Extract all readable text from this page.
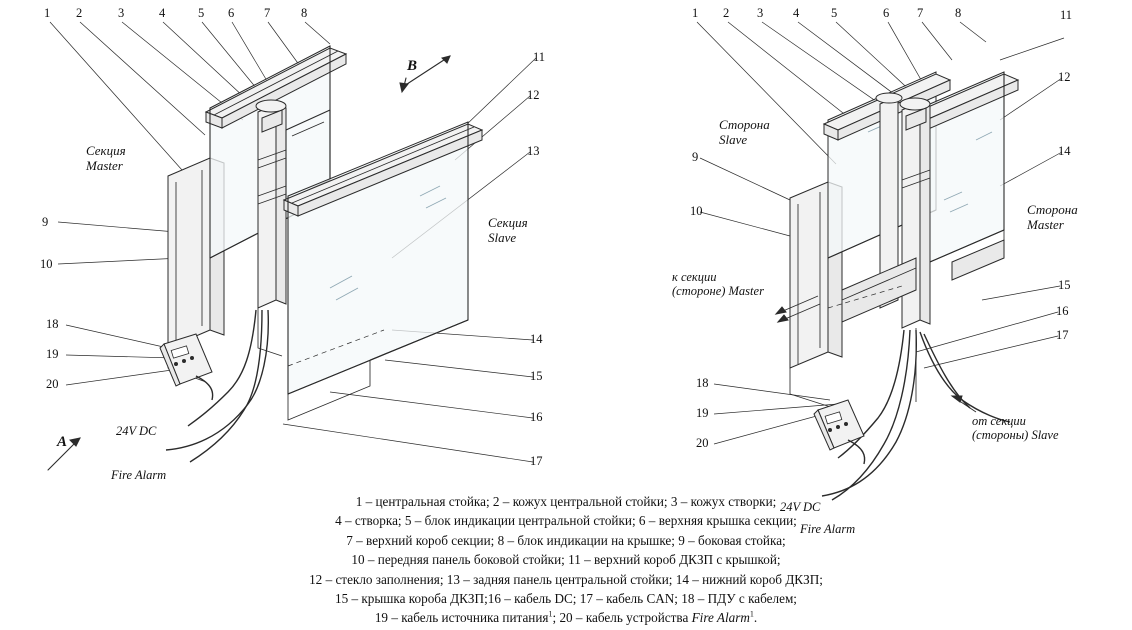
1 2	3	4	5 6 7 8
9
10
18
19
20
11
12
13
14
15
16
17
Секция
Master
Секция
Slave
B
A
24V DC
Fire Alarm
1 2 3 4	5	6 7	8	11
12
14
15
16
17
9
10
18
19
20
Сторона
Slave
Сторона
Master
к секции
(стороне) Master
от секции
(стороны) Slave
24V DC
Fire Alarm
1 – центральная стойка; 2 – кожух центральной стойки; 3 – кожух створки;
4 – створка; 5 – блок индикации центральной стойки; 6 – верхняя крышка секции;
7 – верхний короб секции; 8 – блок индикации на крышке; 9 – боковая стойка;
10 – передняя панель боковой стойки; 11 – верхний короб ДКЗП с крышкой;
12 – стекло заполнения; 13 – задняя панель центральной стойки; 14 – нижний короб ДКЗП;
15 – крышка короба ДКЗП;16 – кабель DC; 17 – кабель CAN; 18 – ПДУ с кабелем;
19 – кабель источника питания$^1$; 20 – кабель устройства Fire Alarm$^1$.
